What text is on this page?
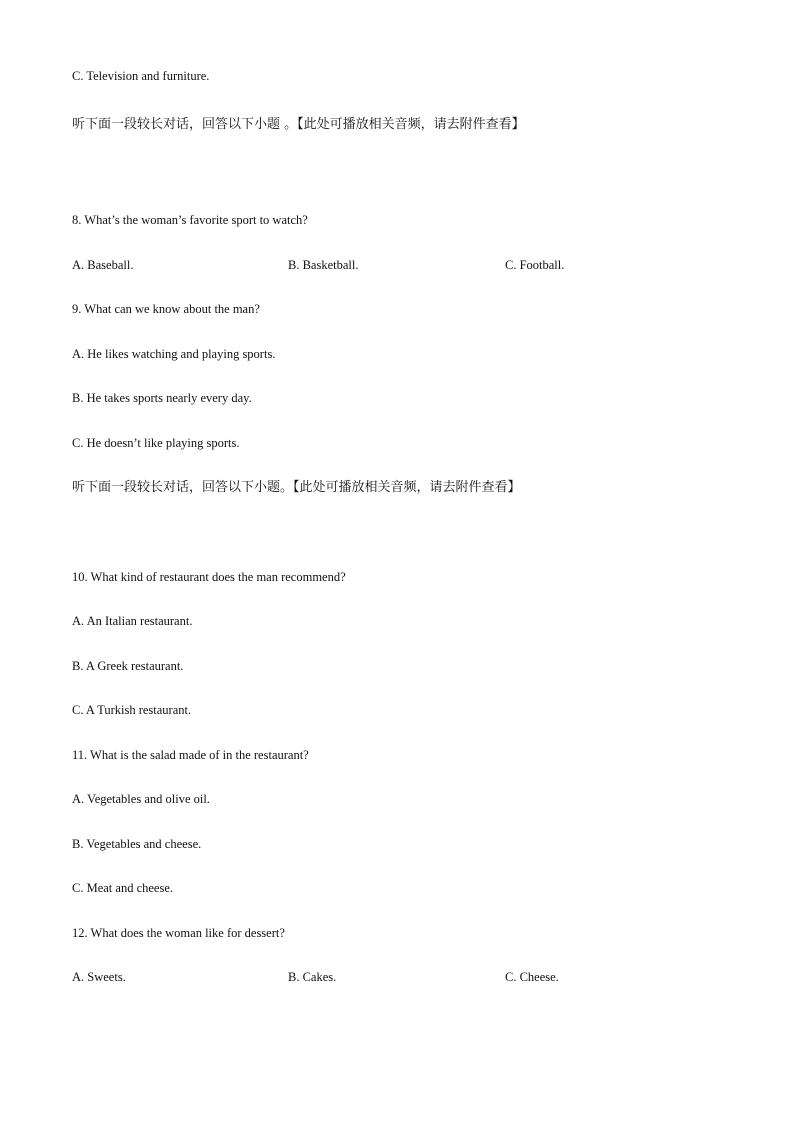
C. Television and furniture.
听下面一段较长对话，回答以下小题 。【此处可播放相关音频，请去附件查看】
8. What’s the woman’s favorite sport to watch?
A. Baseball.	B. Basketball.	C. Football.
9. What can we know about the man?
A. He likes watching and playing sports.
B. He takes sports nearly every day.
C. He doesn’t like playing sports.
听下面一段较长对话，回答以下小题。【此处可播放相关音频，请去附件查看】
10. What kind of restaurant does the man recommend?
A. An Italian restaurant.
B. A Greek restaurant.
C. A Turkish restaurant.
11. What is the salad made of in the restaurant?
A. Vegetables and olive oil.
B. Vegetables and cheese.
C. Meat and cheese.
12. What does the woman like for dessert?
A. Sweets.	B. Cakes.	C. Cheese.
